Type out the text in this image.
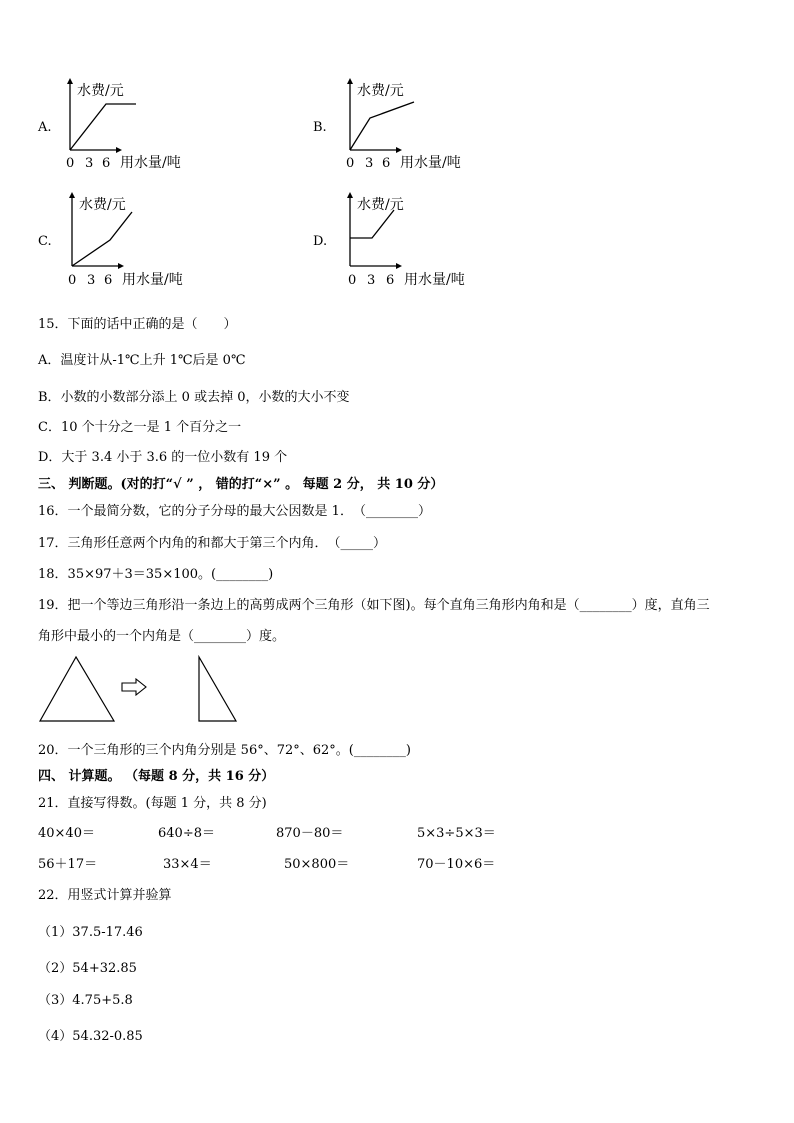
A.
水费/元
0 3 6 用水量/吨
B.
水费/元
0 3 6 用水量/吨
C.
水费/元
0 3 6 用水量/吨
D.
水费/元
0 3 6 用水量/吨
15．下面的话中正确的是（　　）
A．温度计从-1℃上升 1℃后是 0℃
B．小数的小数部分添上 0 或去掉 0，小数的大小不变
C．10 个十分之一是 1 个百分之一
D．大于 3.4 小于 3.6 的一位小数有 19 个
三、 判断题。(对的打“√ ” ， 错的打“×” 。 每题 2 分， 共 10 分）
16．一个最简分数，它的分子分母的最大公因数是 1．　（________）
17．三角形任意两个内角的和都大于第三个内角．　（_____）
18．35×97＋3＝35×100。(________)
19．把一个等边三角形沿一条边上的高剪成两个三角形（如下图)。每个直角三角形内角和是（________）度，直角三
角形中最小的一个内角是（________）度。
20．一个三角形的三个内角分别是 56°、72°、62°。(________)
四、 计算题。 （每题 8 分，共 16 分）
21．直接写得数。(每题 1 分，共 8 分)
40×40＝	640÷8＝	870－80＝	5×3÷5×3＝
56＋17＝	33×4＝	50×800＝	70－10×6＝
22．用竖式计算并验算
（1）37.5-17.46
（2）54+32.85
（3）4.75+5.8
（4）54.32-0.85
